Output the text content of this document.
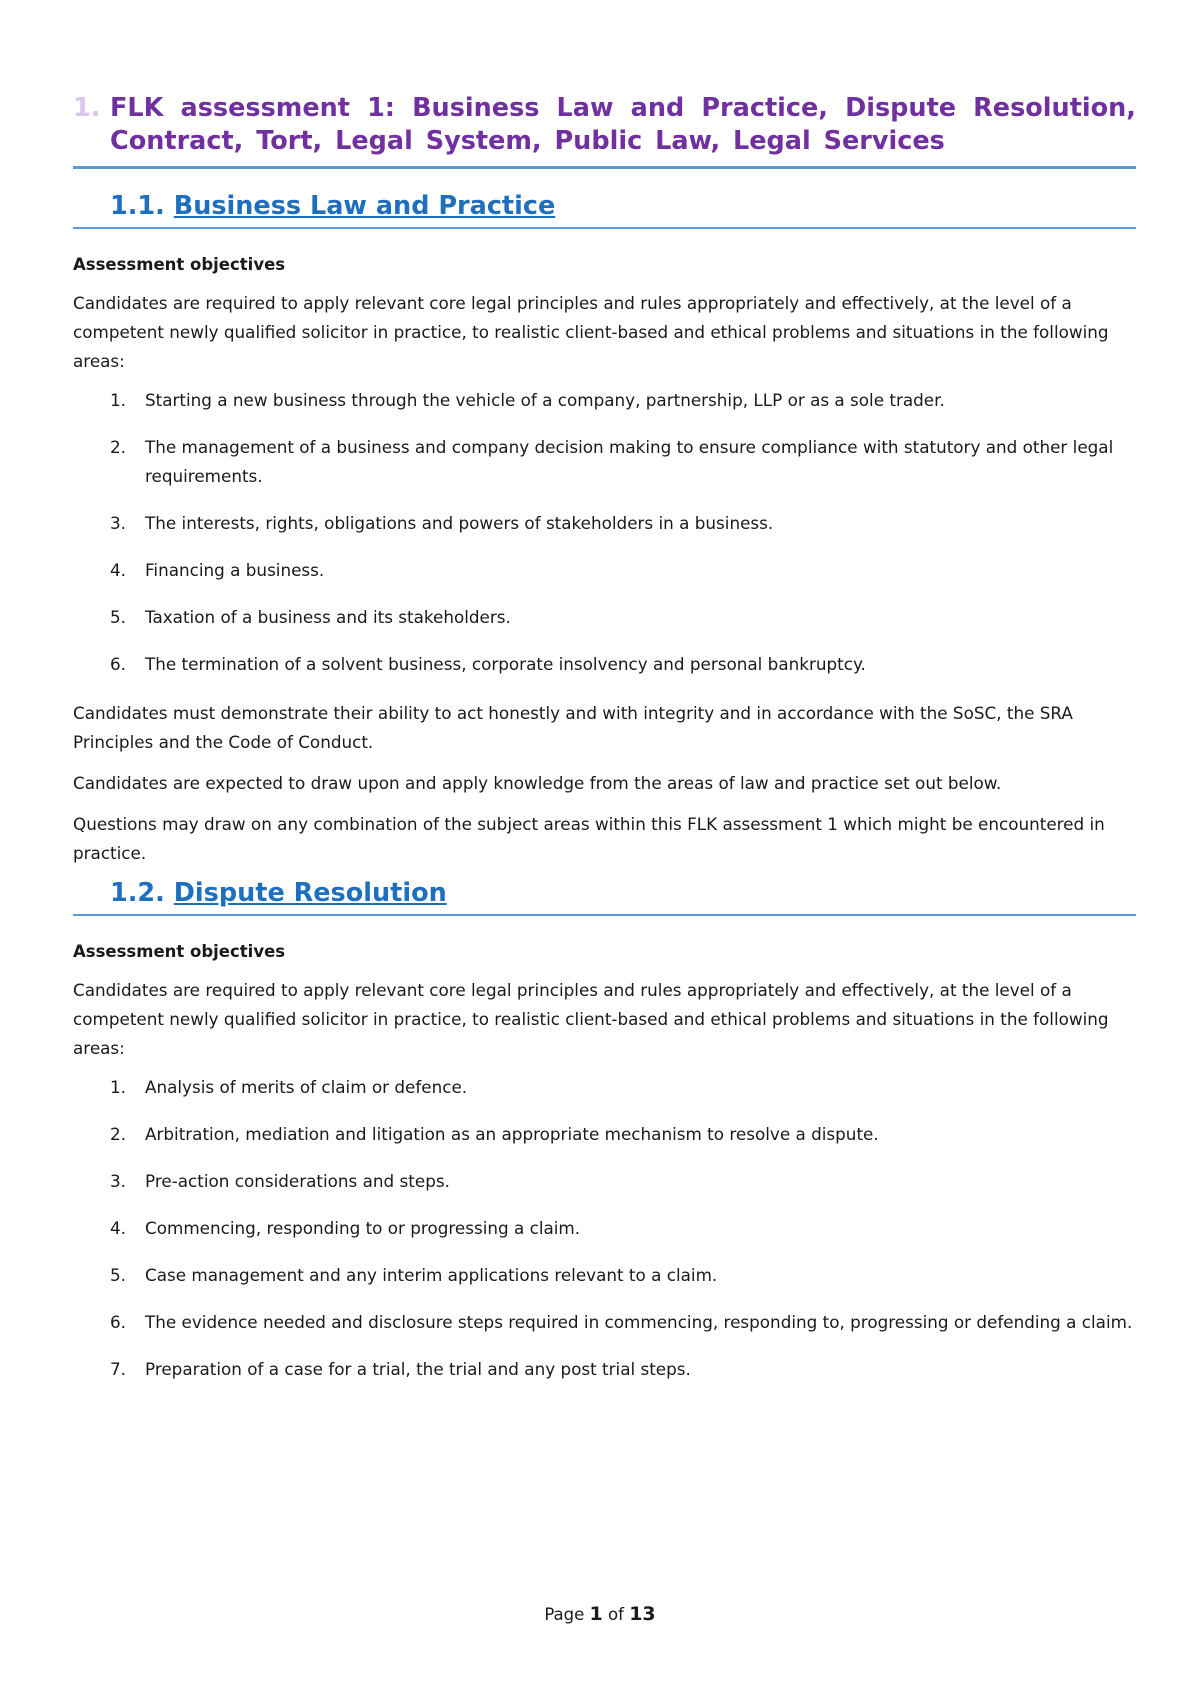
1. FLK assessment 1: Business Law and Practice, Dispute Resolution, Contract, Tort, Legal System, Public Law, Legal Services
1.1. Business Law and Practice

Assessment objectives

Candidates are required to apply relevant core legal principles and rules appropriately and effectively, at the level of a competent newly qualified solicitor in practice, to realistic client-based and ethical problems and situations in the following areas:

1. Starting a new business through the vehicle of a company, partnership, LLP or as a sole trader.
2. The management of a business and company decision making to ensure compliance with statutory and other legal requirements.
3. The interests, rights, obligations and powers of stakeholders in a business.
4. Financing a business.
5. Taxation of a business and its stakeholders.
6. The termination of a solvent business, corporate insolvency and personal bankruptcy.

Candidates must demonstrate their ability to act honestly and with integrity and in accordance with the SoSC, the SRA Principles and the Code of Conduct.

Candidates are expected to draw upon and apply knowledge from the areas of law and practice set out below.

Questions may draw on any combination of the subject areas within this FLK assessment 1 which might be encountered in practice.

1.2. Dispute Resolution

Assessment objectives

Candidates are required to apply relevant core legal principles and rules appropriately and effectively, at the level of a competent newly qualified solicitor in practice, to realistic client-based and ethical problems and situations in the following areas:

1. Analysis of merits of claim or defence.
2. Arbitration, mediation and litigation as an appropriate mechanism to resolve a dispute.
3. Pre-action considerations and steps.
4. Commencing, responding to or progressing a claim.
5. Case management and any interim applications relevant to a claim.
6. The evidence needed and disclosure steps required in commencing, responding to, progressing or defending a claim.
7. Preparation of a case for a trial, the trial and any post trial steps.
Page 1 of 13
